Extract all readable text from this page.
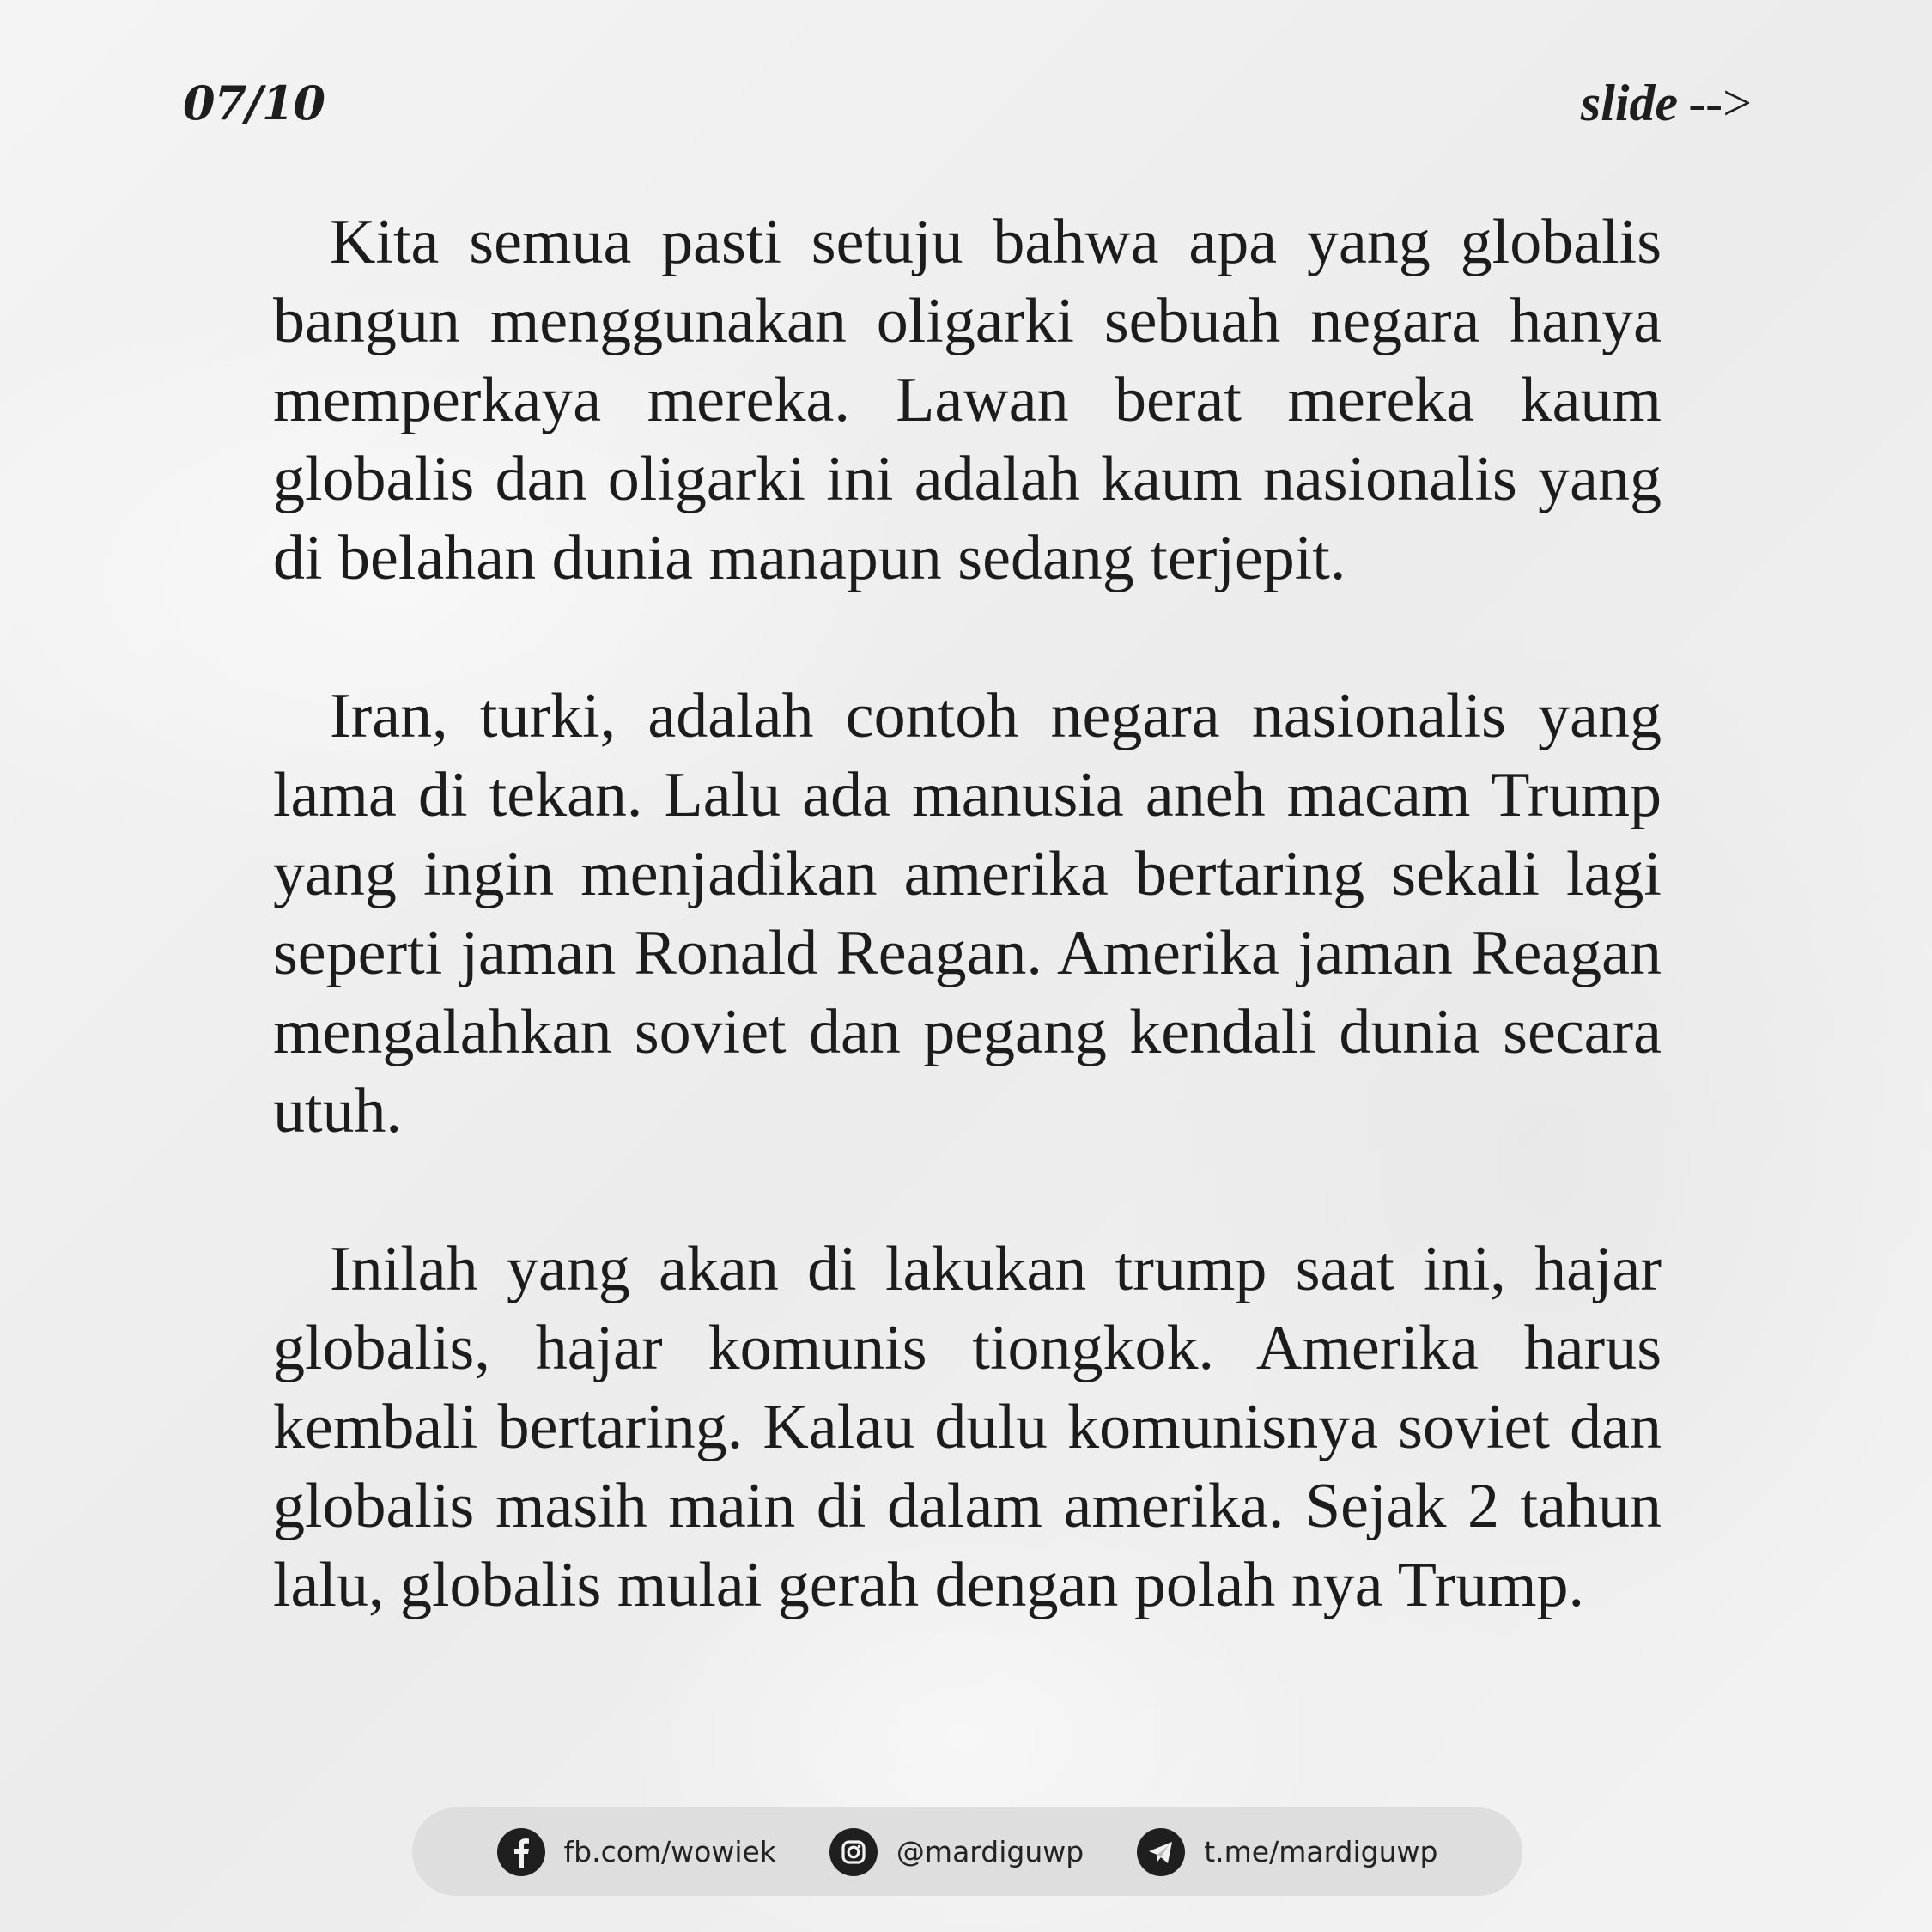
07/10	slide -->

Kita semua pasti setuju bahwa apa yang globalis bangun menggunakan oligarki sebuah negara hanya memperkaya mereka. Lawan berat mereka kaum globalis dan oligarki ini adalah kaum nasionalis yang di belahan dunia manapun sedang terjepit.

Iran, turki, adalah contoh negara nasionalis yang lama di tekan. Lalu ada manusia aneh macam Trump yang ingin menjadikan amerika bertaring sekali lagi seperti jaman Ronald Reagan. Amerika jaman Reagan mengalahkan soviet dan pegang kendali dunia secara utuh.

Inilah yang akan di lakukan trump saat ini, hajar globalis, hajar komunis tiongkok. Amerika harus kembali bertaring. Kalau dulu komunisnya soviet dan globalis masih main di dalam amerika. Sejak 2 tahun lalu, globalis mulai gerah dengan polah nya Trump.

fb.com/wowiek	@mardiguwp	t.me/mardiguwp
